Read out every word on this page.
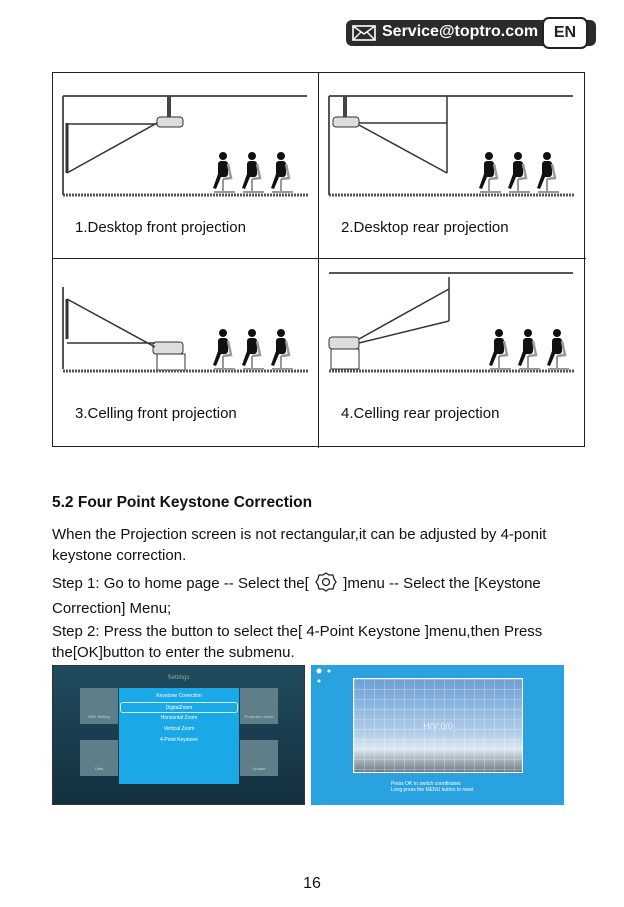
Service@toptro.com EN
1.Desktop front projection	2.Desktop rear projection
3.Celling front projection	4.Celling rear projection
5.2 Four Point Keystone Correction
When the Projection screen is not rectangular,it can be adjusted by 4-ponit
keystone correction.
Step 1: Go to home page -- Select the[ ]menu -- Select the [Keystone
Correction] Menu;
Step 2: Press the button to select the[ 4-Point Keystone ]menu,then Press
the[OK]button to enter the submenu.
Settings
WiFi Setting	Projection Mode
Date	Update
Keystone Correction
DigitalZoom
Horizontal Zoom
Vertical Zoom
4-Point Keystone
H/V:0/0
Press OK to switch coordinates
Long press the MENU button to reset
16
